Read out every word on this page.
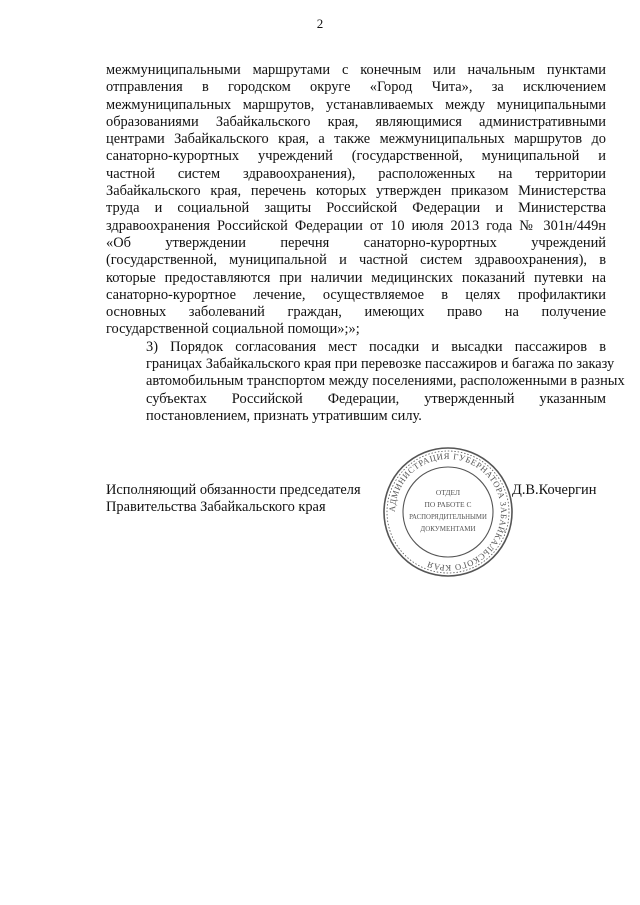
2

межмуниципальными маршрутами с конечным или начальным пунктами
отправления в городском округе «Город Чита», за исключением
межмуниципальных маршрутов, устанавливаемых между муниципальными
образованиями Забайкальского края, являющимися административными
центрами Забайкальского края, а также межмуниципальных маршрутов до
санаторно-курортных учреждений (государственной, муниципальной и
частной систем здравоохранения), расположенных на территории
Забайкальского края, перечень которых утвержден приказом Министерства
труда и социальной защиты Российской Федерации и Министерства
здравоохранения Российской Федерации от 10 июля 2013 года № 301н/449н
«Об утверждении перечня санаторно-курортных учреждений
(государственной, муниципальной и частной систем здравоохранения), в
которые предоставляются при наличии медицинских показаний путевки на
санаторно-курортное лечение, осуществляемое в целях профилактики
основных заболеваний граждан, имеющих право на получение
государственной социальной помощи»;»;

3) Порядок согласования мест посадки и высадки пассажиров в
границах Забайкальского края при перевозке пассажиров и багажа по заказу
автомобильным транспортом между поселениями, расположенными в разных
субъектах Российской Федерации, утвержденный указанным
постановлением, признать утратившим силу.

Исполняющий обязанности председателя
Правительства Забайкальского края	АДМИНИСТРАЦИЯ ГУБЕРНАТОРА ЗАБАЙКАЛЬСКОГО КРАЯ
ОТДЕЛ
ПО РАБОТЕ С
РАСПОРЯДИТЕЛЬНЫМИ
ДОКУМЕНТАМИ
Д.В.Кочергин
